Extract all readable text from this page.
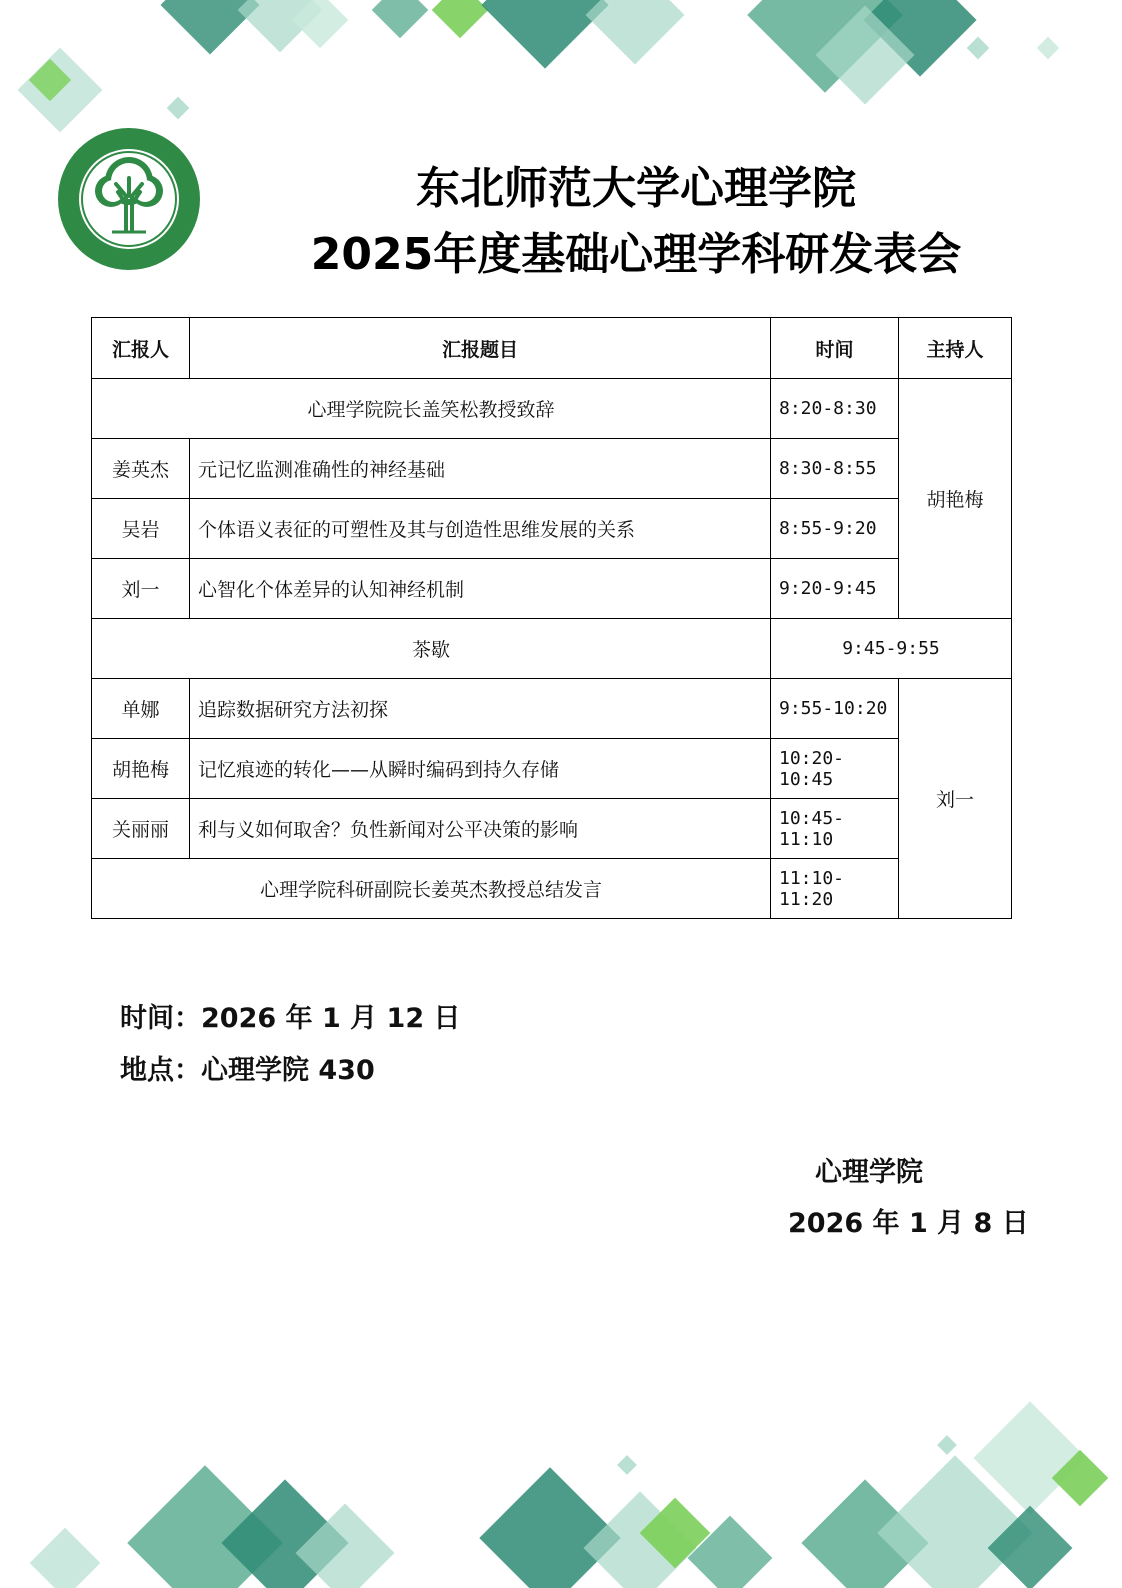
东北师范大学心理学院
2025年度基础心理学科研发表会
汇报人	汇报题目	时间	主持人
心理学院院长盖笑松教授致辞		8:20-8:30	胡艳梅
姜英杰	元记忆监测准确性的神经基础	8:30-8:55	
吴岩	个体语义表征的可塑性及其与创造性思维发展的关系	8:55-9:20	
刘一	心智化个体差异的认知神经机制	9:20-9:45	
茶歇		9:45-9:55	
单娜	追踪数据研究方法初探	9:55-10:20	刘一
胡艳梅	记忆痕迹的转化——从瞬时编码到持久存储	10:20-10:45	
关丽丽	利与义如何取舍？负性新闻对公平决策的影响	10:45-11:10	
心理学院科研副院长姜英杰教授总结发言		11:10-11:20	
时间：2026 年 1 月 12 日
地点：心理学院 430
心理学院
2026 年 1 月 8 日
